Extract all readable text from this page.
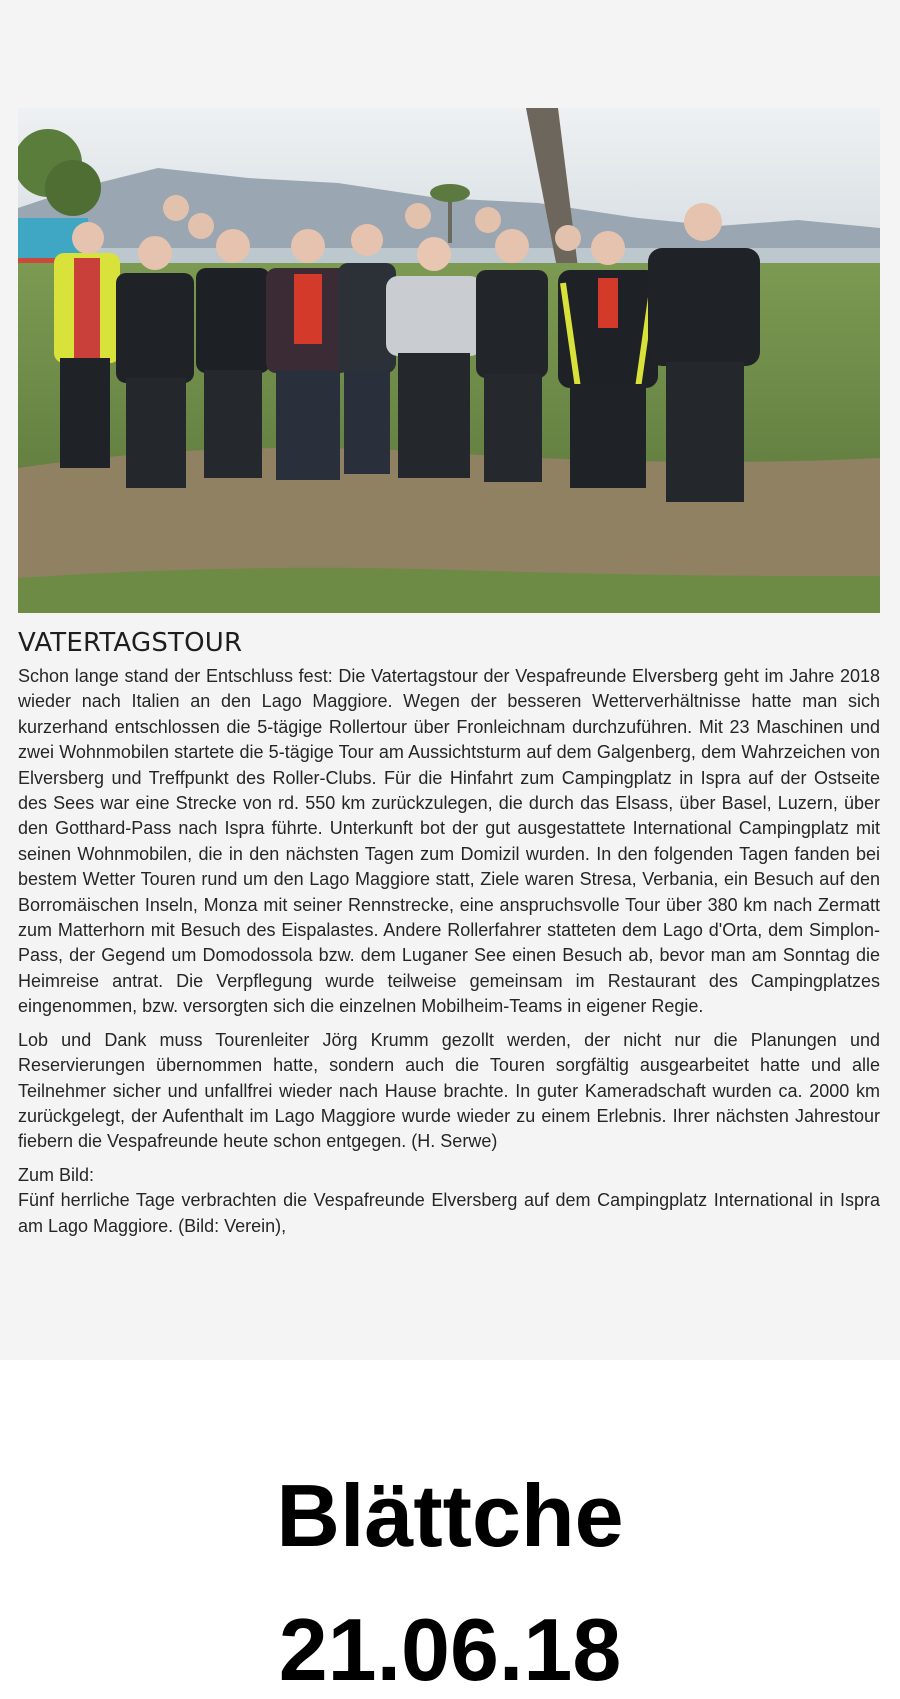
VATERTAGSTOUR

Schon lange stand der Entschluss fest: Die Vatertagstour der Vespafreunde Elversberg geht im Jahre 2018 wieder nach Italien an den Lago Maggiore. Wegen der besseren Wetterverhältnisse hatte man sich kurzerhand entschlossen die 5-tägige Rollertour über Fronleichnam durchzuführen. Mit 23 Maschinen und zwei Wohnmobilen startete die 5-tägige Tour am Aussichtsturm auf dem Galgenberg, dem Wahrzeichen von Elversberg und Treffpunkt des Roller-Clubs. Für die Hinfahrt zum Campingplatz in Ispra auf der Ostseite des Sees war eine Strecke von rd. 550 km zurückzulegen, die durch das Elsass, über Basel, Luzern, über den Gotthard-Pass nach Ispra führte. Unterkunft bot der gut ausgestattete International Campingplatz mit seinen Wohnmobilen, die in den nächsten Tagen zum Domizil wurden. In den folgenden Tagen fanden bei bestem Wetter Touren rund um den Lago Maggiore statt, Ziele waren Stresa, Verbania, ein Besuch auf den Borromäischen Inseln, Monza mit seiner Rennstrecke, eine anspruchsvolle Tour über 380 km nach Zermatt zum Matterhorn mit Besuch des Eispalastes. Andere Rollerfahrer statteten dem Lago d'Orta, dem Simplon-Pass, der Gegend um Domodossola bzw. dem Luganer See einen Besuch ab, bevor man am Sonntag die Heimreise antrat. Die Verpflegung wurde teilweise gemeinsam im Restaurant des Campingplatzes eingenommen, bzw. versorgten sich die einzelnen Mobilheim-Teams in eigener Regie.

Lob und Dank muss Tourenleiter Jörg Krumm gezollt werden, der nicht nur die Planungen und Reservierungen übernommen hatte, sondern auch die Touren sorgfältig ausgearbeitet hatte und alle Teilnehmer sicher und unfallfrei wieder nach Hause brachte. In guter Kameradschaft wurden ca. 2000 km zurückgelegt, der Aufenthalt im Lago Maggiore wurde wieder zu einem Erlebnis. Ihrer nächsten Jahrestour fiebern die Vespafreunde heute schon entgegen. (H. Serwe)

Zum Bild:

Fünf herrliche Tage verbrachten die Vespafreunde Elversberg auf dem Campingplatz International in Ispra am Lago Maggiore. (Bild: Verein),

Blättche
21.06.18
